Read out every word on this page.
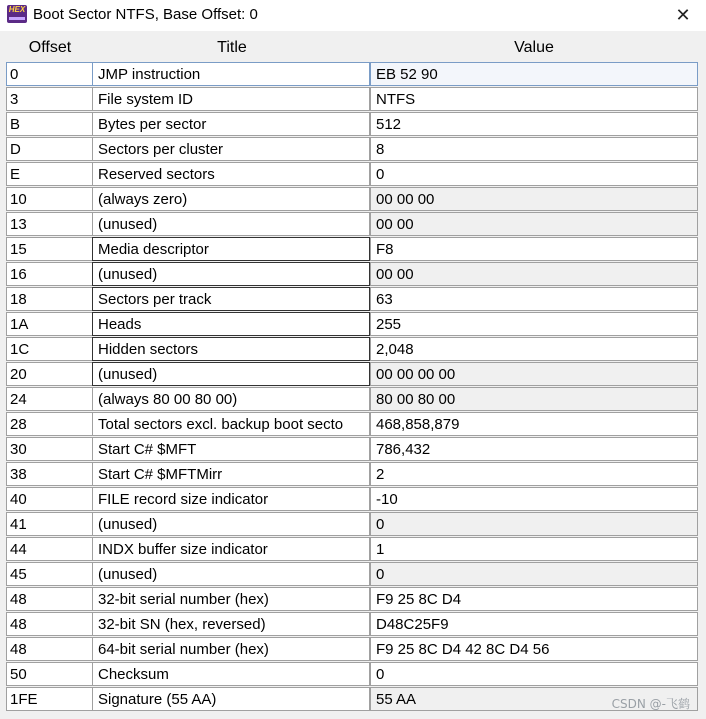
HEX Boot Sector NTFS, Base Offset: 0	✕
Offset	Title	Value
0	JMP instruction	EB 52 90
3	File system ID	NTFS
B	Bytes per sector	512
D	Sectors per cluster	8
E	Reserved sectors	0
10	(always zero)	00 00 00
13	(unused)	00 00
15	Media descriptor	F8
16	(unused)	00 00
18	Sectors per track	63
1A	Heads	255
1C	Hidden sectors	2,048
20	(unused)	00 00 00 00
24	(always 80 00 80 00)	80 00 80 00
28	Total sectors excl. backup boot secto	468,858,879
30	Start C# $MFT	786,432
38	Start C# $MFTMirr	2
40	FILE record size indicator	-10
41	(unused)	0
44	INDX buffer size indicator	1
45	(unused)	0
48	32-bit serial number (hex)	F9 25 8C D4
48	32-bit SN (hex, reversed)	D48C25F9
48	64-bit serial number (hex)	F9 25 8C D4 42 8C D4 56
50	Checksum	0
1FE	Signature (55 AA)	55 AA	CSDN @-飞鹤
